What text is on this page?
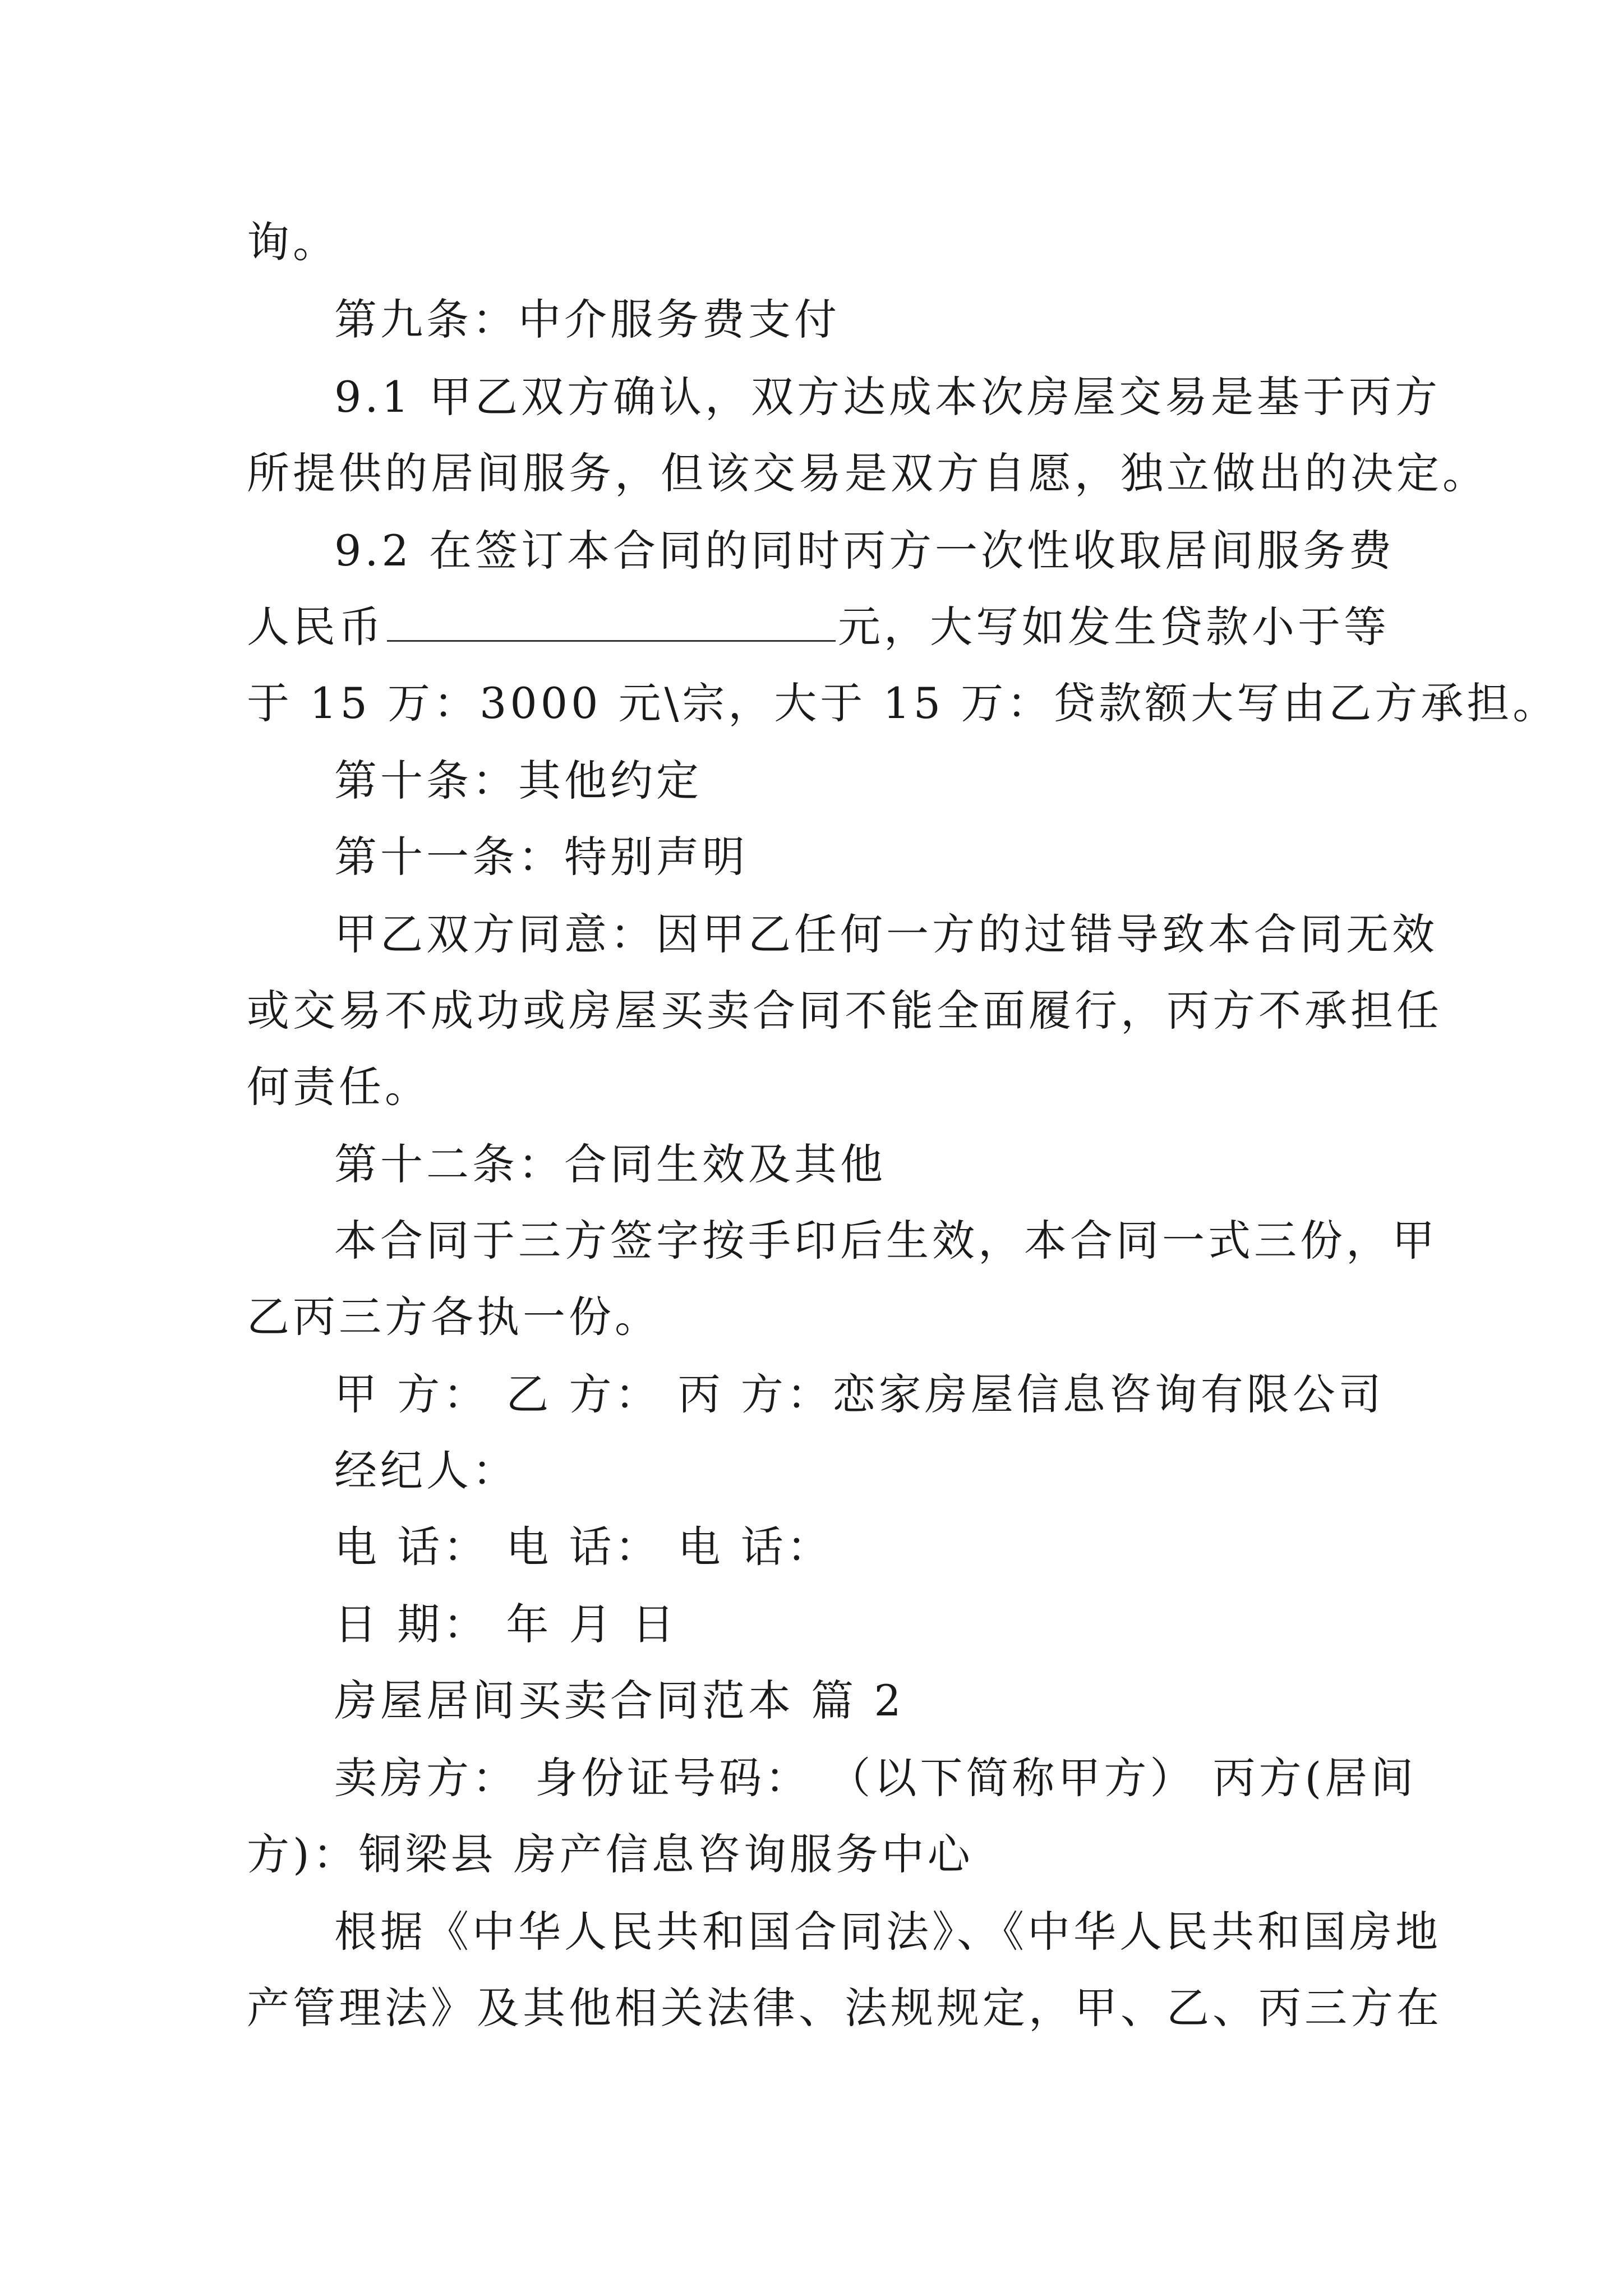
询。
第九条：中介服务费支付
9.1 甲乙双方确认，双方达成本次房屋交易是基于丙方
所提供的居间服务，但该交易是双方自愿，独立做出的决定。
9.2 在签订本合同的同时丙方一次性收取居间服务费
人民币	元，大写如发生贷款小于等
于 15 万：3000 元\宗，大于 15 万：贷款额大写由乙方承担。
第十条：其他约定
第十一条：特别声明
甲乙双方同意：因甲乙任何一方的过错导致本合同无效
或交易不成功或房屋买卖合同不能全面履行，丙方不承担任
何责任。
第十二条：合同生效及其他
本合同于三方签字按手印后生效，本合同一式三份，甲
乙丙三方各执一份。
甲 方： 乙 方： 丙 方：恋家房屋信息咨询有限公司
经纪人：
电 话： 电 话： 电 话：
日 期： 年 月 日
房屋居间买卖合同范本 篇 2
卖房方： 身份证号码： （以下简称甲方） 丙方(居间
方)：铜梁县 房产信息咨询服务中心
根据《中华人民共和国合同法》、《中华人民共和国房地
产管理法》及其他相关法律、法规规定，甲、乙、丙三方在
